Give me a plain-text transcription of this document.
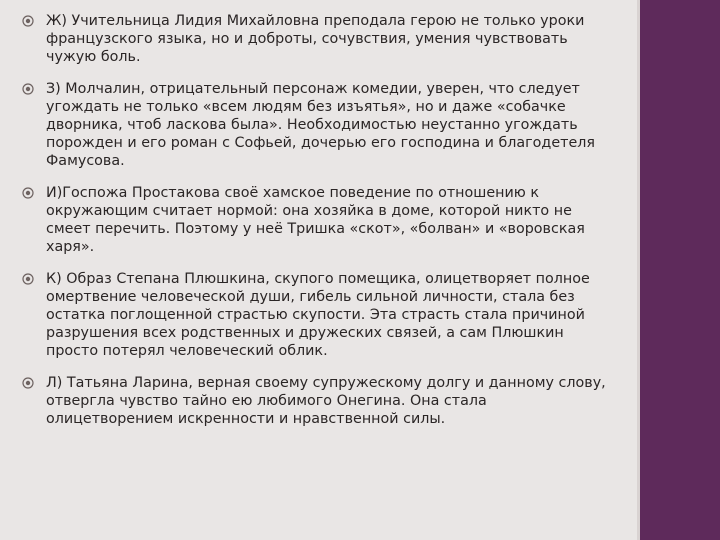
Ж) Учительница Лидия Михайловна преподала герою не только уроки французского языка, но и доброты, сочувствия, умения чувствовать чужую боль.
З) Молчалин, отрицательный персонаж комедии, уверен, что следует угождать не только «всем людям без изъятья», но и даже «собачке дворника, чтоб ласкова была». Необходимостью неустанно угождать порожден и его роман с Софьей, дочерью его господина и благодетеля Фамусова.
И)Госпожа Простакова своё хамское поведение по отношению к окружающим считает нормой: она хозяйка в доме, которой никто не смеет перечить. Поэтому у неё Тришка «скот», «болван» и «воровская харя».
К) Образ Степана Плюшкина, скупого помещика, олицетворяет полное омертвение человеческой души, гибель сильной личности, стала без остатка поглощенной страстью скупости. Эта страсть стала причиной разрушения всех родственных и дружеских связей, а сам Плюшкин просто потерял человеческий облик.
Л) Татьяна Ларина, верная своему супружескому долгу и данному слову, отвергла чувство тайно ею любимого Онегина. Она стала олицетворением искренности и нравственной силы.
